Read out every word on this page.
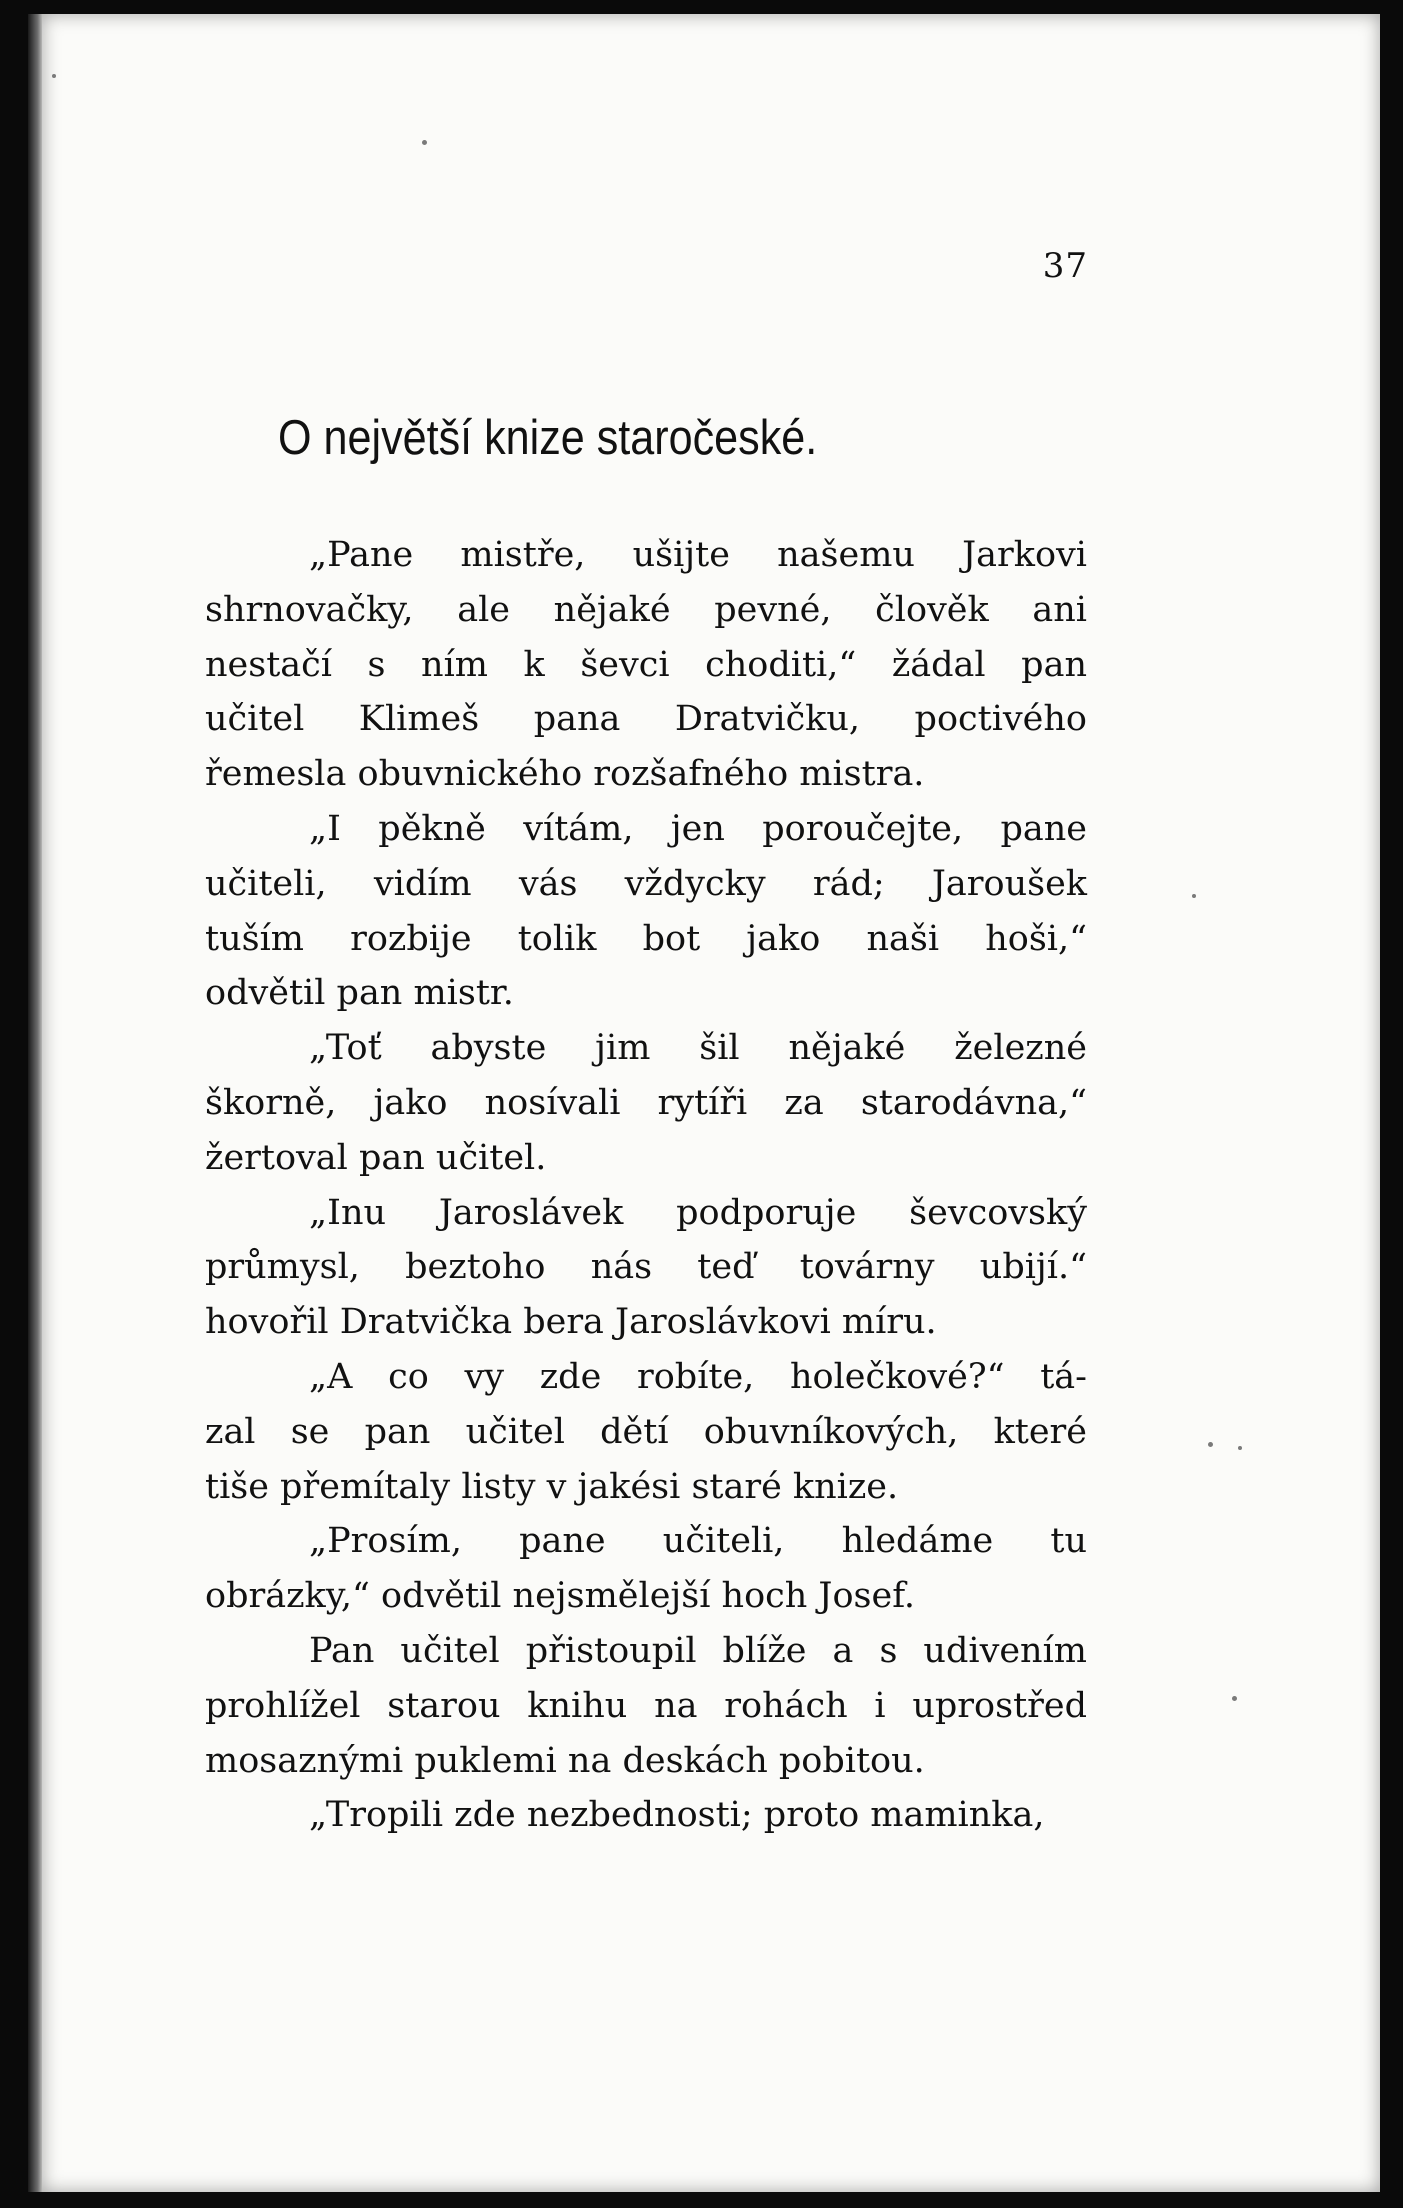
37
O největší knize staročeské.

„Pane mistře, ušijte našemu Jarkovi
shrnovačky, ale nějaké pevné, člověk ani
nestačí s ním k ševci choditi,“ žádal pan
učitel Klimeš pana Dratvičku, poctivého
řemesla obuvnického rozšafného mistra.

„I pěkně vítám, jen poroučejte, pane
učiteli, vidím vás vždycky rád; Jaroušek
tuším rozbije tolik bot jako naši hoši,“
odvětil pan mistr.

„Toť abyste jim šil nějaké železné
škorně, jako nosívali rytíři za starodávna,“
žertoval pan učitel.

„Inu Jaroslávek podporuje ševcovský
průmysl, beztoho nás teď továrny ubijí.“
hovořil Dratvička bera Jaroslávkovi míru.

„A co vy zde robíte, holečkové?“ tá-
zal se pan učitel dětí obuvníkových, které
tiše přemítaly listy v jakési staré knize.

„Prosím, pane učiteli, hledáme tu
obrázky,“ odvětil nejsmělejší hoch Josef.

Pan učitel přistoupil blíže a s udivením
prohlížel starou knihu na rohách i uprostřed
mosaznými puklemi na deskách pobitou.

„Tropili zde nezbednosti; proto maminka,
